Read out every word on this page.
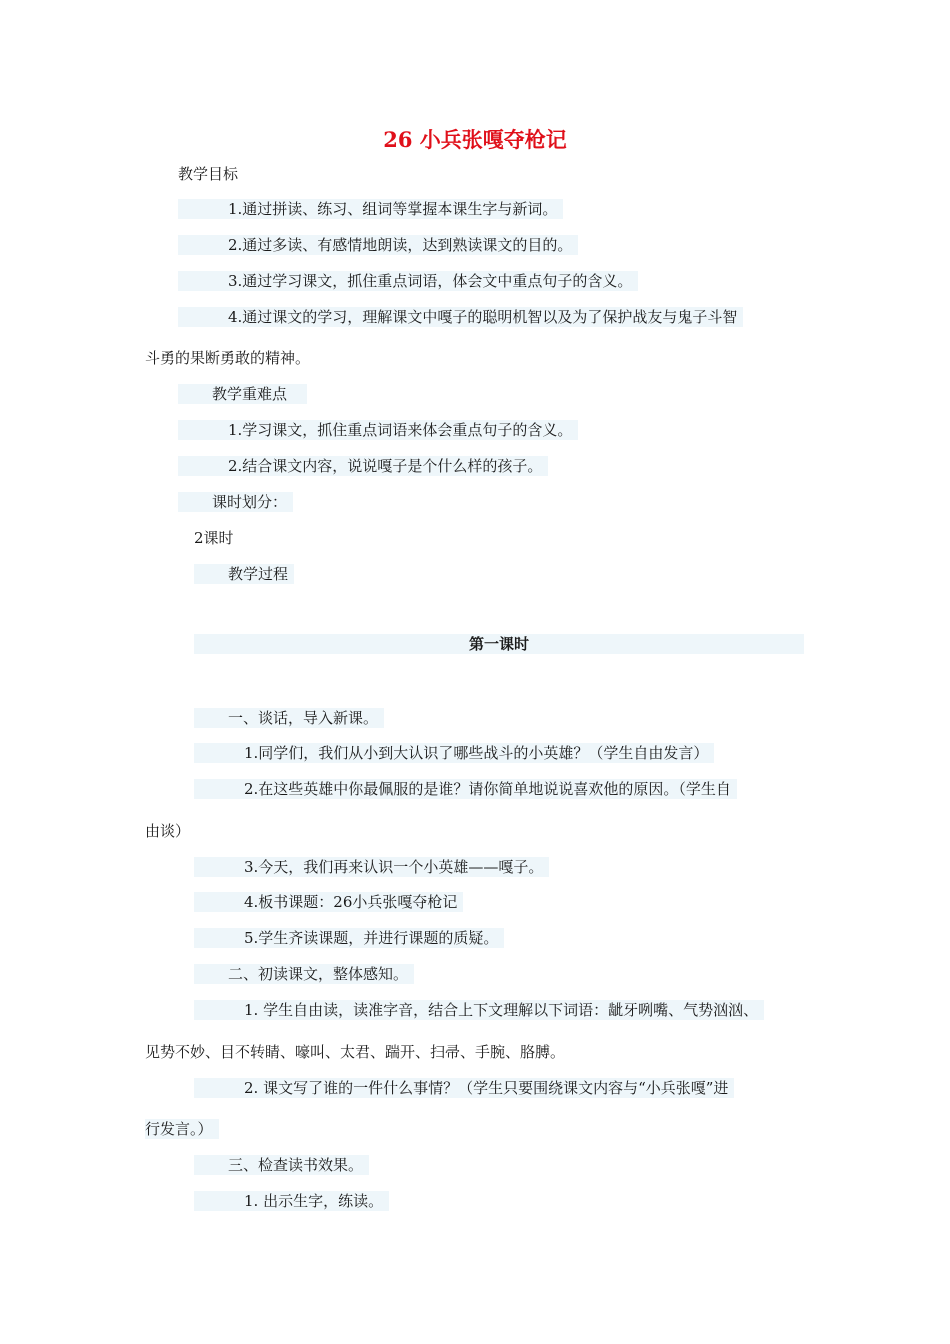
26 小兵张嘎夺枪记
教学目标
1.通过拼读、练习、组词等掌握本课生字与新词。
2.通过多读、有感情地朗读，达到熟读课文的目的。
3.通过学习课文，抓住重点词语，体会文中重点句子的含义。
4.通过课文的学习，理解课文中嘎子的聪明机智以及为了保护战友与鬼子斗智
斗勇的果断勇敢的精神。
教学重难点
1.学习课文，抓住重点词语来体会重点句子的含义。
2.结合课文内容，说说嘎子是个什么样的孩子。
课时划分：
2课时
教学过程
第一课时
一、谈话，导入新课。
1.同学们，我们从小到大认识了哪些战斗的小英雄？（学生自由发言）
2.在这些英雄中你最佩服的是谁？请你简单地说说喜欢他的原因。（学生自
由谈）
3.今天，我们再来认识一个小英雄——嘎子。
4.板书课题：26小兵张嘎夺枪记
5.学生齐读课题，并进行课题的质疑。
二、初读课文，整体感知。
1. 学生自由读，读准字音，结合上下文理解以下词语：龇牙咧嘴、气势汹汹、
见势不妙、目不转睛、嚎叫、太君、踹开、扫帚、手腕、胳膊。
2. 课文写了谁的一件什么事情？（学生只要围绕课文内容与“小兵张嘎”进
行发言。）
三、检查读书效果。
1. 出示生字，练读。
